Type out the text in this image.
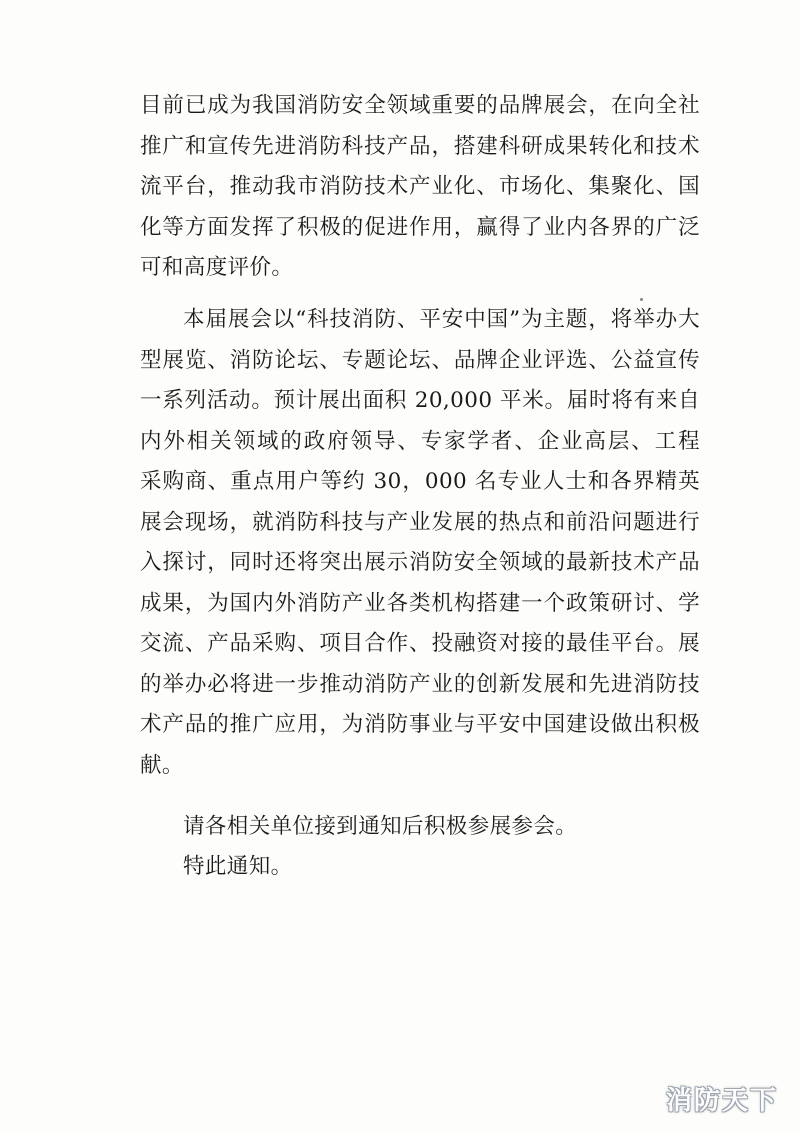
目前已成为我国消防安全领域重要的品牌展会，在向全社
推广和宣传先进消防科技产品，搭建科研成果转化和技术
流平台，推动我市消防技术产业化、市场化、集聚化、国
化等方面发挥了积极的促进作用，赢得了业内各界的广泛
可和高度评价。
本届展会以“科技消防、平安中国”为主题，将举办大
型展览、消防论坛、专题论坛、品牌企业评选、公益宣传
一系列活动。预计展出面积 20,000 平米。届时将有来自
内外相关领域的政府领导、专家学者、企业高层、工程
采购商、重点用户等约 30，000 名专业人士和各界精英
展会现场，就消防科技与产业发展的热点和前沿问题进行
入探讨，同时还将突出展示消防安全领域的最新技术产品
成果，为国内外消防产业各类机构搭建一个政策研讨、学
交流、产品采购、项目合作、投融资对接的最佳平台。展
的举办必将进一步推动消防产业的创新发展和先进消防技
术产品的推广应用，为消防事业与平安中国建设做出积极
献。
请各相关单位接到通知后积极参展参会。
特此通知。
消防天下
